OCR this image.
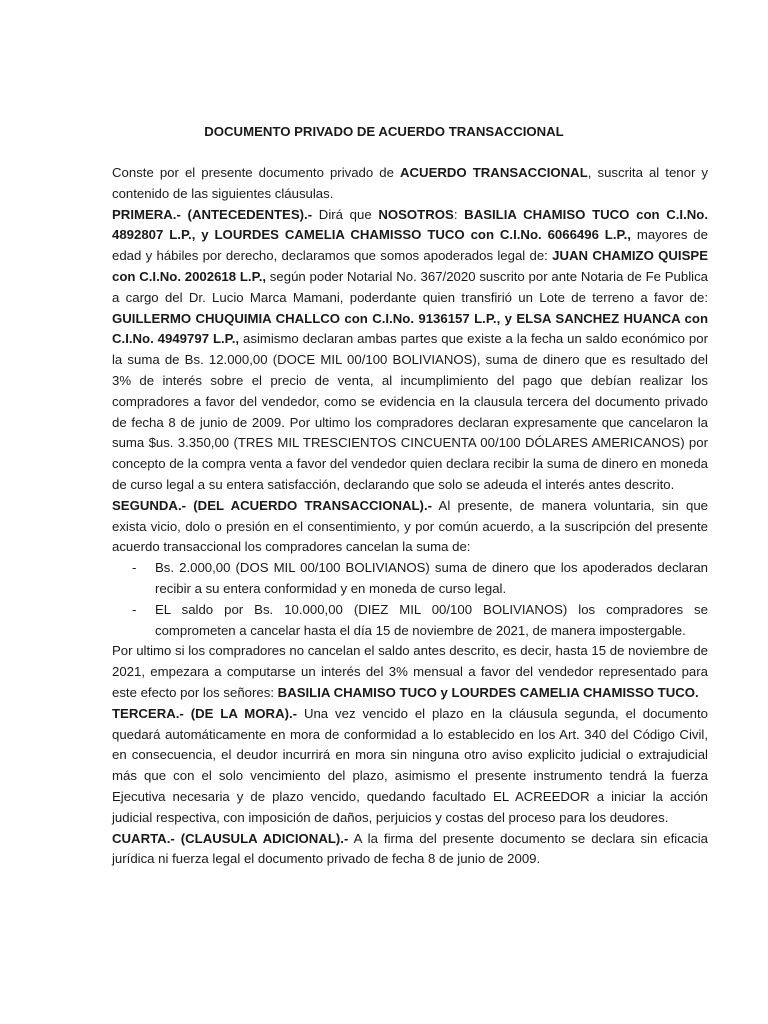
DOCUMENTO PRIVADO DE ACUERDO TRANSACCIONAL

Conste por el presente documento privado de ACUERDO TRANSACCIONAL, suscrita al tenor y contenido de las siguientes cláusulas.

PRIMERA.- (ANTECEDENTES).- Dirá que NOSOTROS: BASILIA CHAMISO TUCO con C.I.No. 4892807 L.P., y LOURDES CAMELIA CHAMISSO TUCO con C.I.No. 6066496 L.P., mayores de edad y hábiles por derecho, declaramos que somos apoderados legal de: JUAN CHAMIZO QUISPE con C.I.No. 2002618 L.P., según poder Notarial No. 367/2020 suscrito por ante Notaria de Fe Publica a cargo del Dr. Lucio Marca Mamani, poderdante quien transfirió un Lote de terreno a favor de: GUILLERMO CHUQUIMIA CHALLCO con C.I.No. 9136157 L.P., y ELSA SANCHEZ HUANCA con C.I.No. 4949797 L.P., asimismo declaran ambas partes que existe a la fecha un saldo económico por la suma de Bs. 12.000,00 (DOCE MIL 00/100 BOLIVIANOS), suma de dinero que es resultado del 3% de interés sobre el precio de venta, al incumplimiento del pago que debían realizar los compradores a favor del vendedor, como se evidencia en la clausula tercera del documento privado de fecha 8 de junio de 2009. Por ultimo los compradores declaran expresamente que cancelaron la suma $us. 3.350,00 (TRES MIL TRESCIENTOS CINCUENTA 00/100 DÓLARES AMERICANOS) por concepto de la compra venta a favor del vendedor quien declara recibir la suma de dinero en moneda de curso legal a su entera satisfacción, declarando que solo se adeuda el interés antes descrito.

SEGUNDA.- (DEL ACUERDO TRANSACCIONAL).- Al presente, de manera voluntaria, sin que exista vicio, dolo o presión en el consentimiento, y por común acuerdo, a la suscripción del presente acuerdo transaccional los compradores cancelan la suma de:

- Bs. 2.000,00 (DOS MIL 00/100 BOLIVIANOS) suma de dinero que los apoderados declaran recibir a su entera conformidad y en moneda de curso legal.
- EL saldo por Bs. 10.000,00 (DIEZ MIL 00/100 BOLIVIANOS) los compradores se comprometen a cancelar hasta el día 15 de noviembre de 2021, de manera impostergable.

Por ultimo si los compradores no cancelan el saldo antes descrito, es decir, hasta 15 de noviembre de 2021, empezara a computarse un interés del 3% mensual a favor del vendedor representado para este efecto por los señores: BASILIA CHAMISO TUCO y LOURDES CAMELIA CHAMISSO TUCO.

TERCERA.- (DE LA MORA).- Una vez vencido el plazo en la cláusula segunda, el documento quedará automáticamente en mora de conformidad a lo establecido en los Art. 340 del Código Civil, en consecuencia, el deudor incurrirá en mora sin ninguna otro aviso explicito judicial o extrajudicial más que con el solo vencimiento del plazo, asimismo el presente instrumento tendrá la fuerza Ejecutiva necesaria y de plazo vencido, quedando facultado EL ACREEDOR a iniciar la acción judicial respectiva, con imposición de daños, perjuicios y costas del proceso para los deudores.

CUARTA.- (CLAUSULA ADICIONAL).- A la firma del presente documento se declara sin eficacia jurídica ni fuerza legal el documento privado de fecha 8 de junio de 2009.
